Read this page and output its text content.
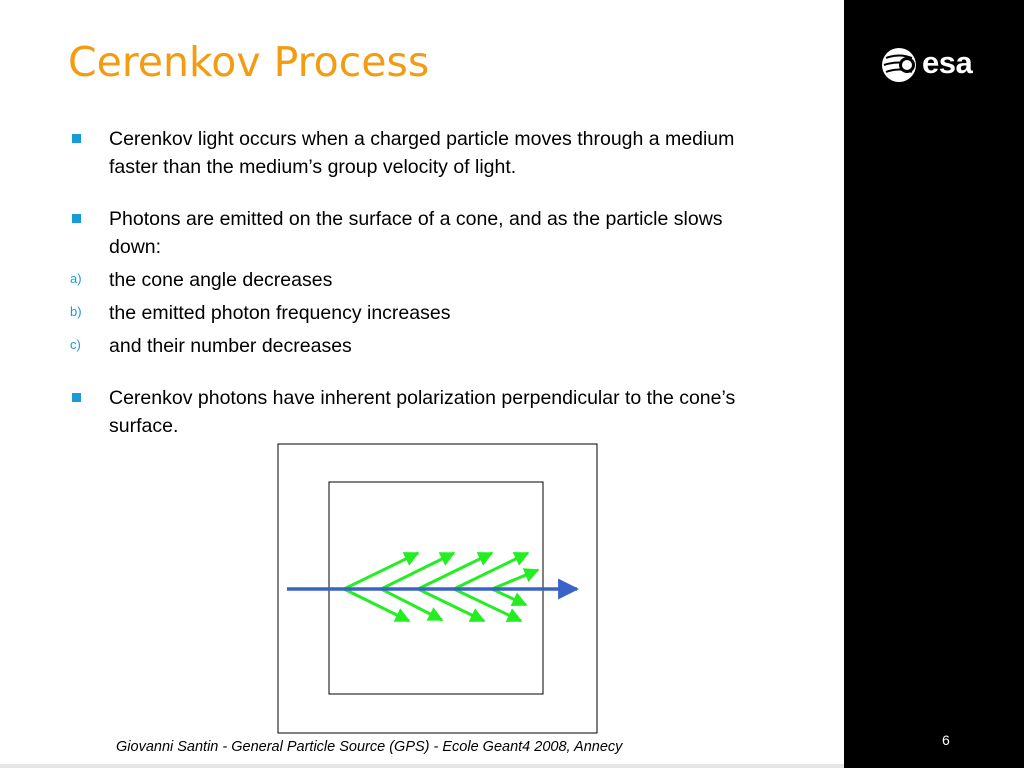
esa
Cerenkov Process
Cerenkov light occurs when a charged particle moves through a medium faster than the medium’s group velocity of light.
Photons are emitted on the surface of a cone, and as the particle slows down:
a) the cone angle decreases
b) the emitted photon frequency increases
c) and their number decreases
Cerenkov photons have inherent polarization perpendicular to the cone’s surface.
Giovanni Santin - General Particle Source (GPS) - Ecole Geant4 2008, Annecy	6
